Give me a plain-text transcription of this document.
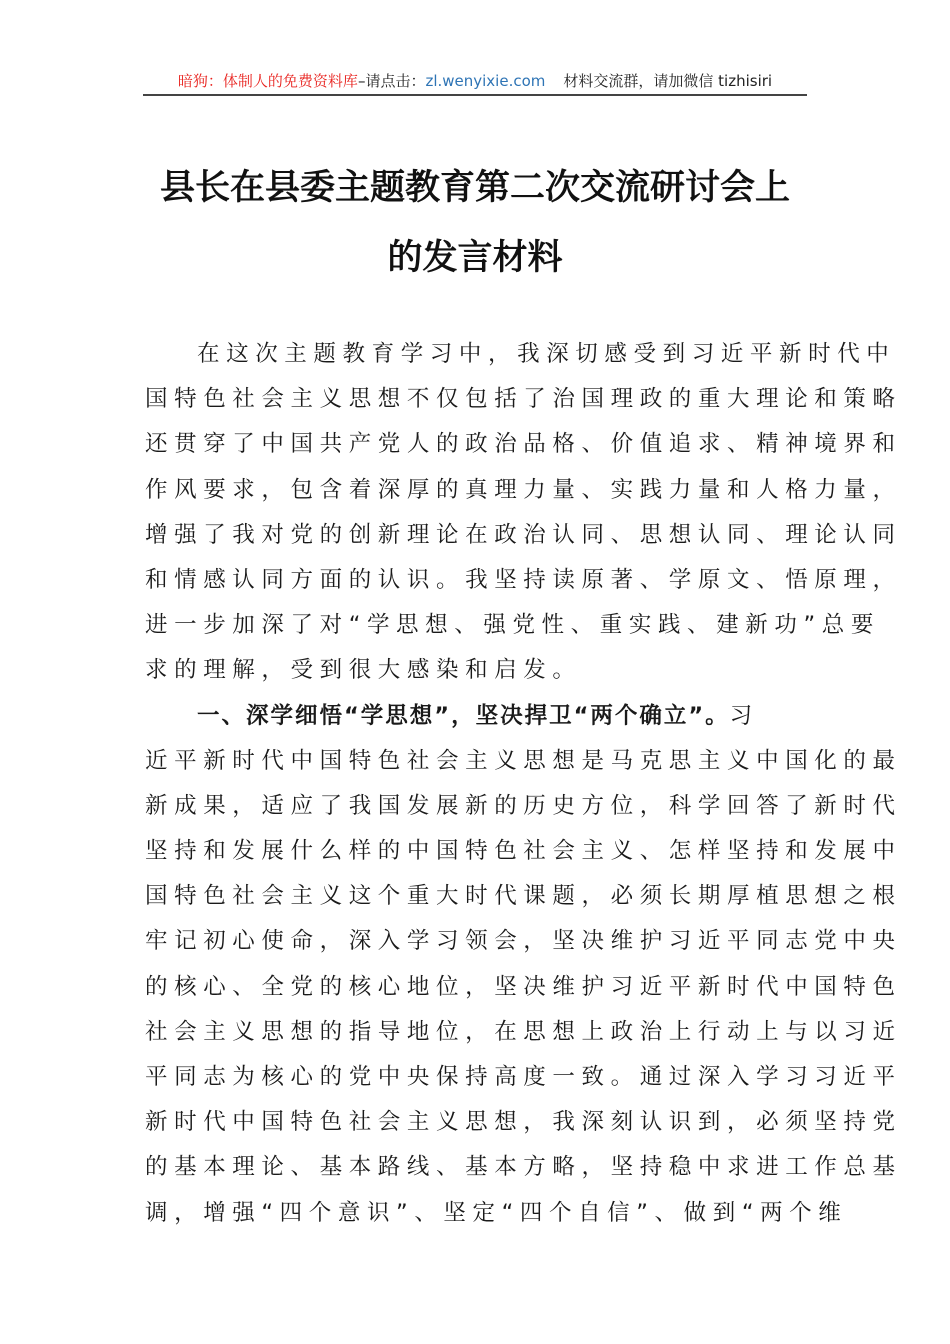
暗狗：体制人的免费资料库–请点击：zl.wenyixie.com 材料交流群，请加微信 tizhisiri
县长在县委主题教育第二次交流研讨会上
的发言材料
在这次主题教育学习中，我深切感受到习近平新时代中
国特色社会主义思想不仅包括了治国理政的重大理论和策略
还贯穿了中国共产党人的政治品格、价值追求、精神境界和
作风要求，包含着深厚的真理力量、实践力量和人格力量，
增强了我对党的创新理论在政治认同、思想认同、理论认同
和情感认同方面的认识。我坚持读原著、学原文、悟原理，
进一步加深了对“学思想、强党性、重实践、建新功”总要
求的理解，受到很大感染和启发。
一、深学细悟“学思想”，坚决捍卫“两个确立”。习
近平新时代中国特色社会主义思想是马克思主义中国化的最
新成果，适应了我国发展新的历史方位，科学回答了新时代
坚持和发展什么样的中国特色社会主义、怎样坚持和发展中
国特色社会主义这个重大时代课题，必须长期厚植思想之根
牢记初心使命，深入学习领会，坚决维护习近平同志党中央
的核心、全党的核心地位，坚决维护习近平新时代中国特色
社会主义思想的指导地位，在思想上政治上行动上与以习近
平同志为核心的党中央保持高度一致。通过深入学习习近平
新时代中国特色社会主义思想，我深刻认识到，必须坚持党
的基本理论、基本路线、基本方略，坚持稳中求进工作总基
调，增强“四个意识”、坚定“四个自信”、做到“两个维
